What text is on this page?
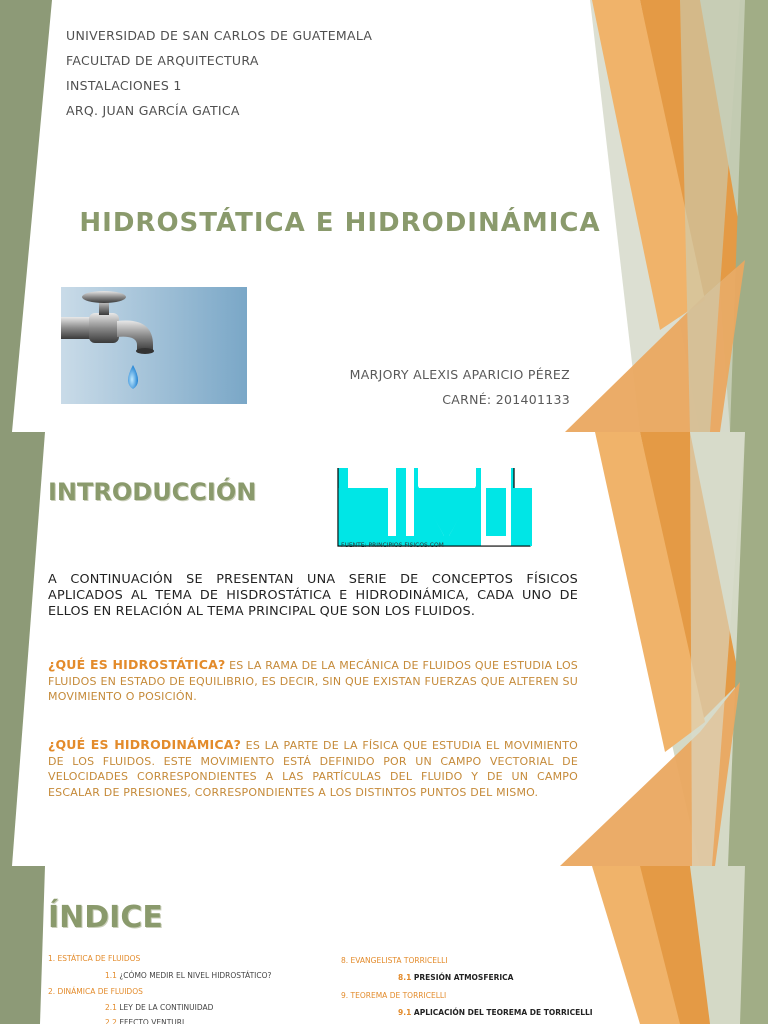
UNIVERSIDAD DE SAN CARLOS DE GUATEMALA
FACULTAD DE ARQUITECTURA
INSTALACIONES 1
ARQ. JUAN GARCÍA GATICA
HIDROSTÁTICA E HIDRODINÁMICA
MARJORY ALEXIS APARICIO PÉREZ
CARNÉ: 201401133
INTRODUCCIÓN
FUENTE: PRINCIPIOS FISICOS.COM
A CONTINUACIÓN SE PRESENTAN UNA SERIE DE CONCEPTOS FÍSICOS APLICADOS AL TEMA DE HISDROSTÁTICA E HIDRODINÁMICA, CADA UNO DE ELLOS EN RELACIÓN AL TEMA PRINCIPAL QUE SON LOS FLUIDOS.
¿QUÉ ES HIDROSTÁTICA? ES LA RAMA DE LA MECÁNICA DE FLUIDOS QUE ESTUDIA LOS FLUIDOS EN ESTADO DE EQUILIBRIO, ES DECIR, SIN QUE EXISTAN FUERZAS QUE ALTEREN SU MOVIMIENTO O POSICIÓN.
¿QUÉ ES HIDRODINÁMICA? ES LA PARTE DE LA FÍSICA QUE ESTUDIA EL MOVIMIENTO DE LOS FLUIDOS. ESTE MOVIMIENTO ESTÁ DEFINIDO POR UN CAMPO VECTORIAL DE VELOCIDADES CORRESPONDIENTES A LAS PARTÍCULAS DEL FLUIDO Y DE UN CAMPO ESCALAR DE PRESIONES, CORRESPONDIENTES A LOS DISTINTOS PUNTOS DEL MISMO.
ÍNDICE
1. ESTÁTICA DE FLUIDOS
1.1 ¿CÓMO MEDIR EL NIVEL HIDROSTÁTICO?
2. DINÁMICA DE FLUIDOS
2.1 LEY DE LA CONTINUIDAD
2.2 EFECTO VENTURI
8. EVANGELISTA TORRICELLI
8.1 PRESIÓN ATMOSFERICA
9. TEOREMA DE TORRICELLI
9.1 APLICACIÓN DEL TEOREMA DE TORRICELLI
